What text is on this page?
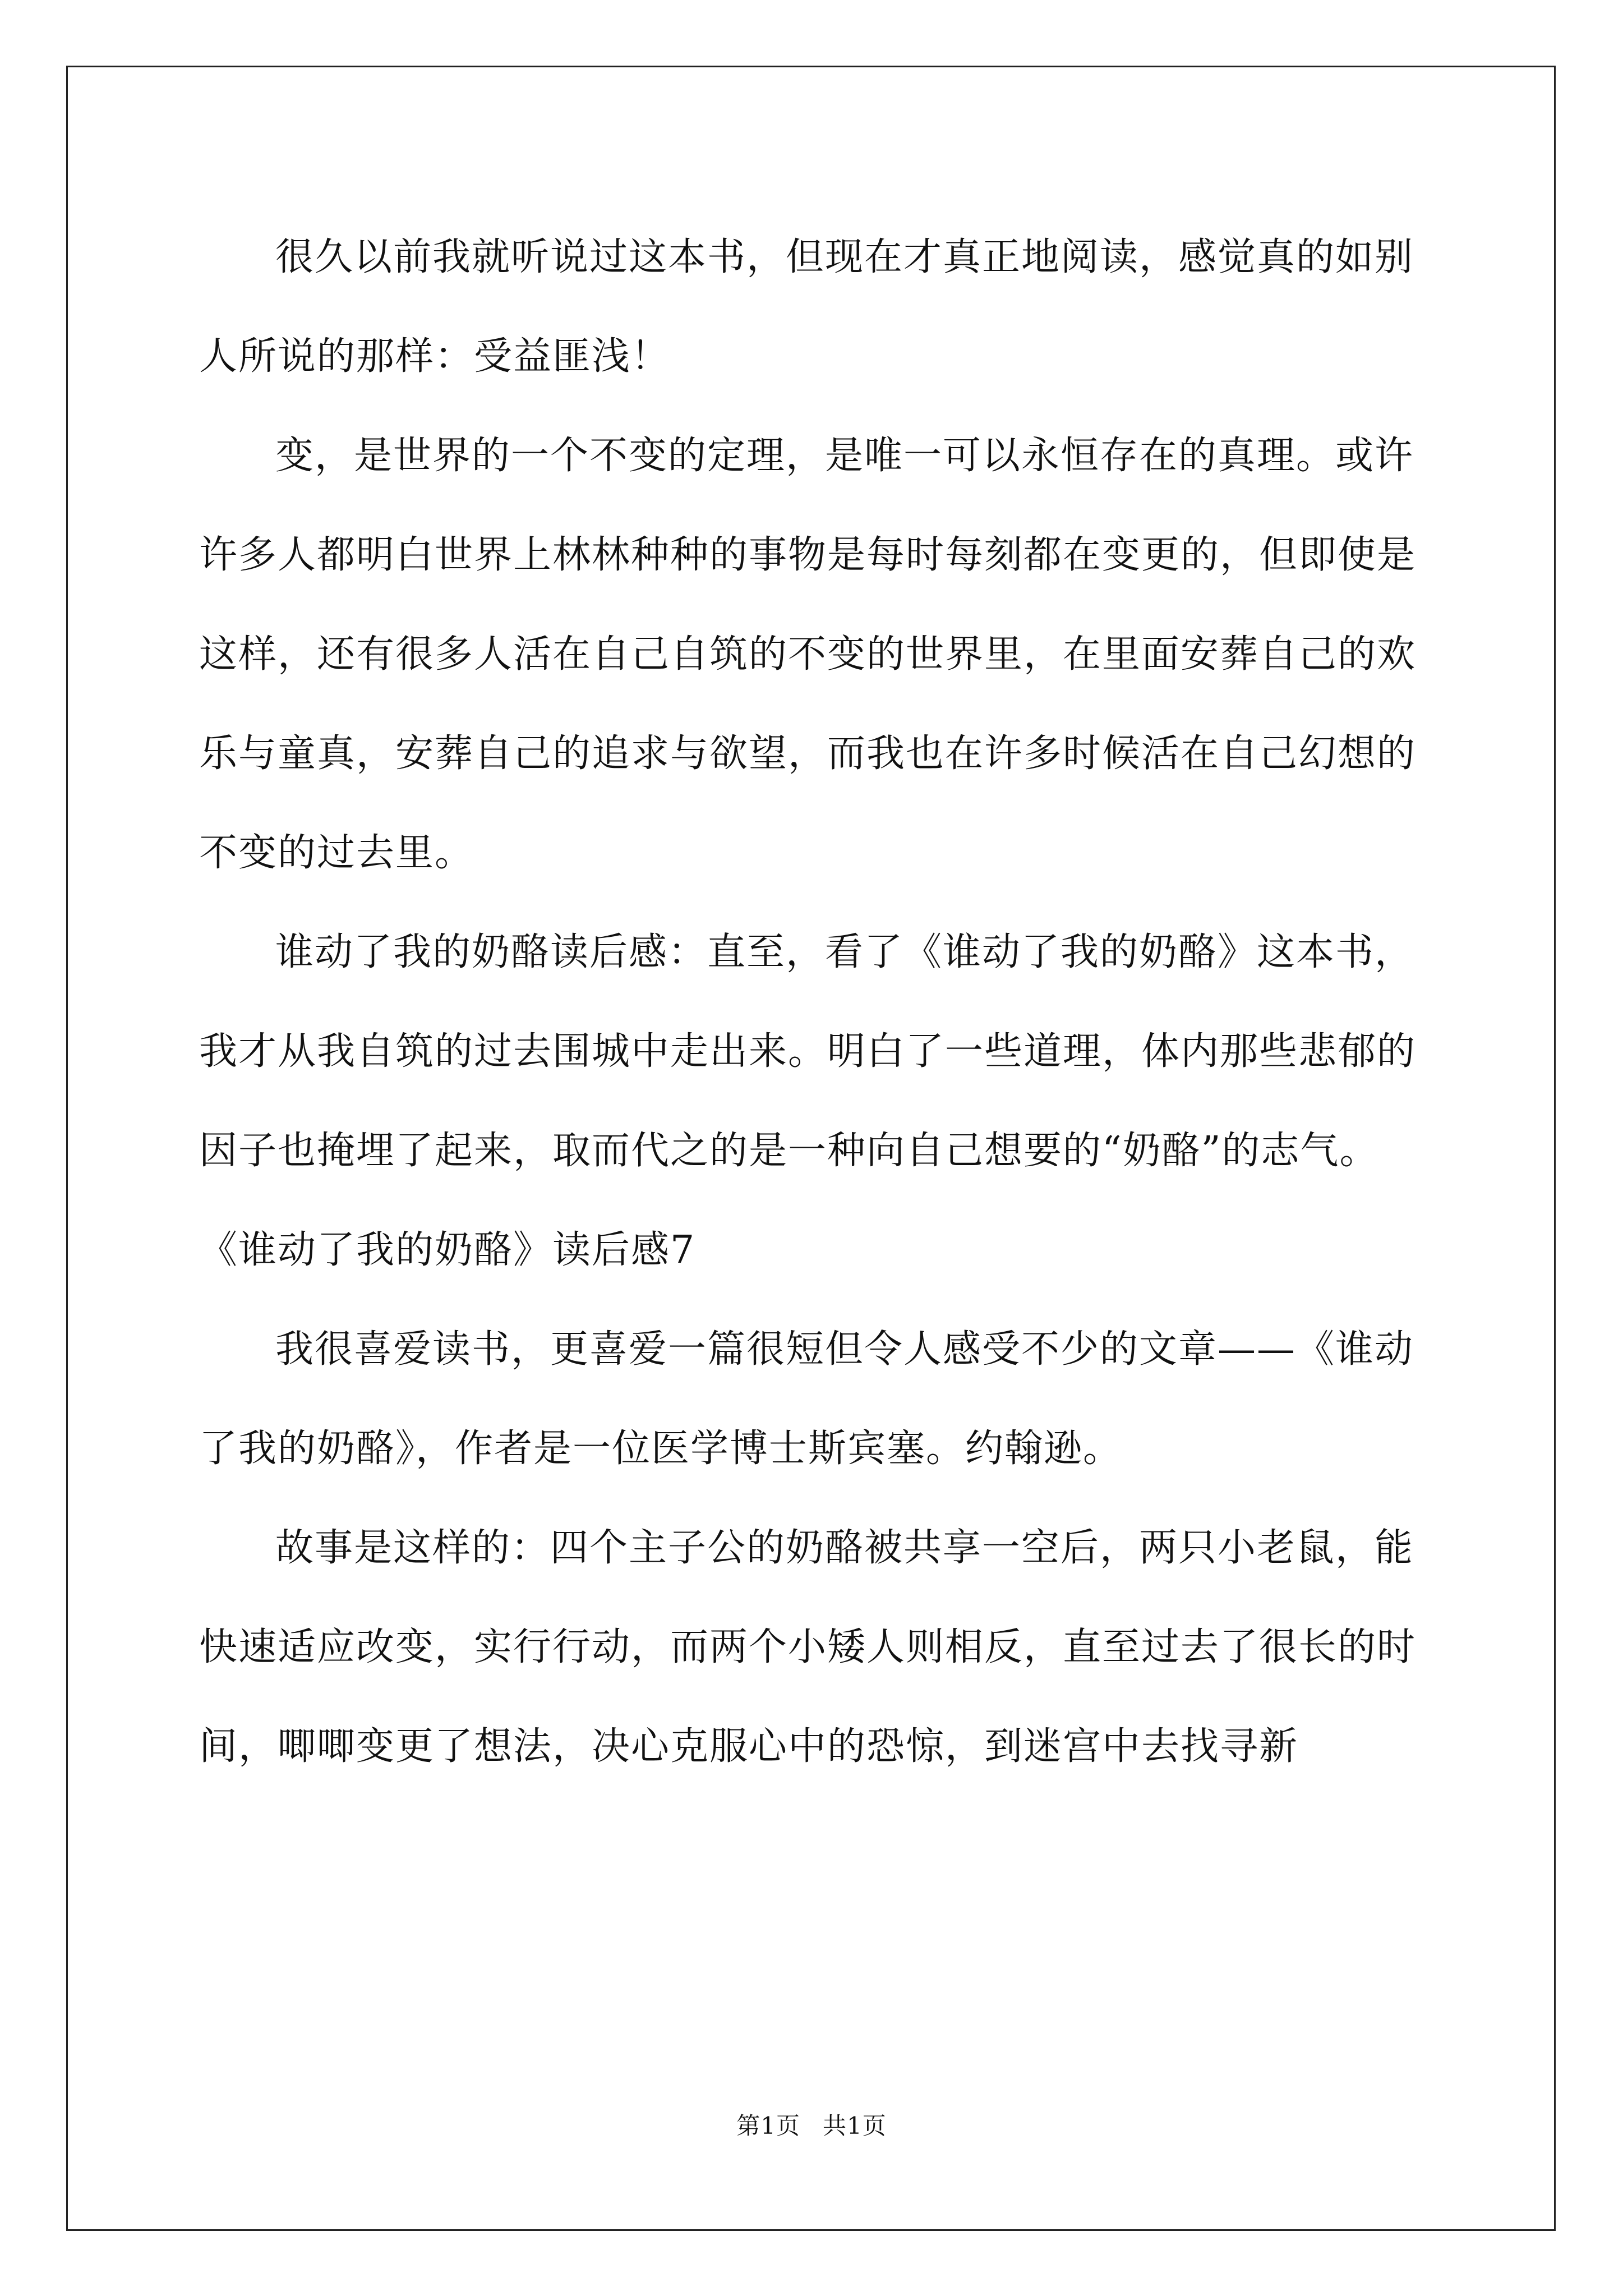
很久以前我就听说过这本书，但现在才真正地阅读，感觉真的如别人所说的那样：受益匪浅！

变，是世界的一个不变的定理，是唯一可以永恒存在的真理。或许许多人都明白世界上林林种种的事物是每时每刻都在变更的，但即使是这样，还有很多人活在自己自筑的不变的世界里，在里面安葬自己的欢乐与童真，安葬自己的追求与欲望，而我也在许多时候活在自己幻想的不变的过去里。

谁动了我的奶酪读后感：直至，看了《谁动了我的奶酪》这本书，我才从我自筑的过去围城中走出来。明白了一些道理，体内那些悲郁的因子也掩埋了起来，取而代之的是一种向自己想要的“奶酪”的志气。

《谁动了我的奶酪》读后感7

我很喜爱读书，更喜爱一篇很短但令人感受不少的文章——《谁动了我的奶酪》，作者是一位医学博士斯宾塞。约翰逊。

故事是这样的：四个主子公的奶酪被共享一空后，两只小老鼠，能快速适应改变，实行行动，而两个小矮人则相反，直至过去了很长的时间，唧唧变更了想法，决心克服心中的恐惊，到迷宫中去找寻新

第1页 共1页
